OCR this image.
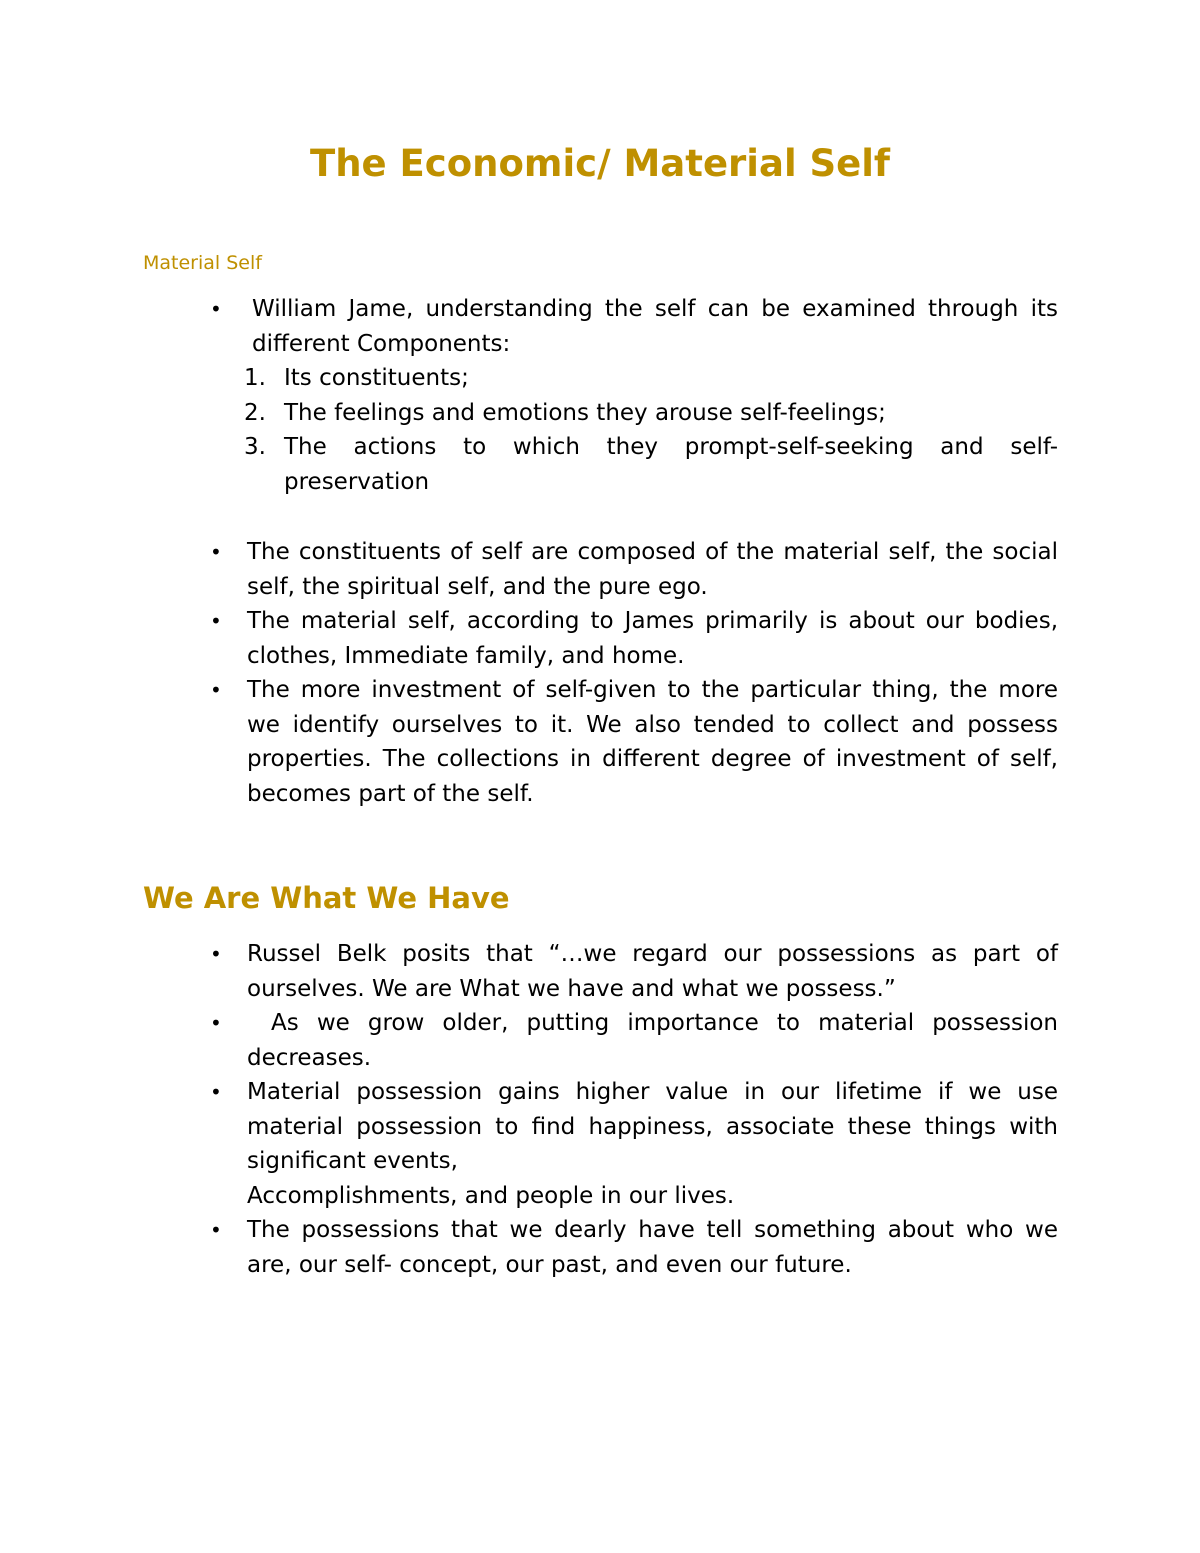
The Economic/ Material Self
Material Self
•	William Jame, understanding the self can be examined through its different Components:
1. Its constituents;
2. The feelings and emotions they arouse self-feelings;
3. The actions to which they prompt-self-seeking and self-preservation
•	The constituents of self are composed of the material self, the social self, the spiritual self, and the pure ego.
•	The material self, according to James primarily is about our bodies, clothes, Immediate family, and home.
•	The more investment of self-given to the particular thing, the more we identify ourselves to it. We also tended to collect and possess properties. The collections in different degree of investment of self, becomes part of the self.
We Are What We Have
•	Russel Belk posits that “…we regard our possessions as part of ourselves. We are What we have and what we possess.”
•	As we grow older, putting importance to material possession decreases.
•	Material possession gains higher value in our lifetime if we use material possession to find happiness, associate these things with significant events,
Accomplishments, and people in our lives.
•	The possessions that we dearly have tell something about who we are, our self- concept, our past, and even our future.
